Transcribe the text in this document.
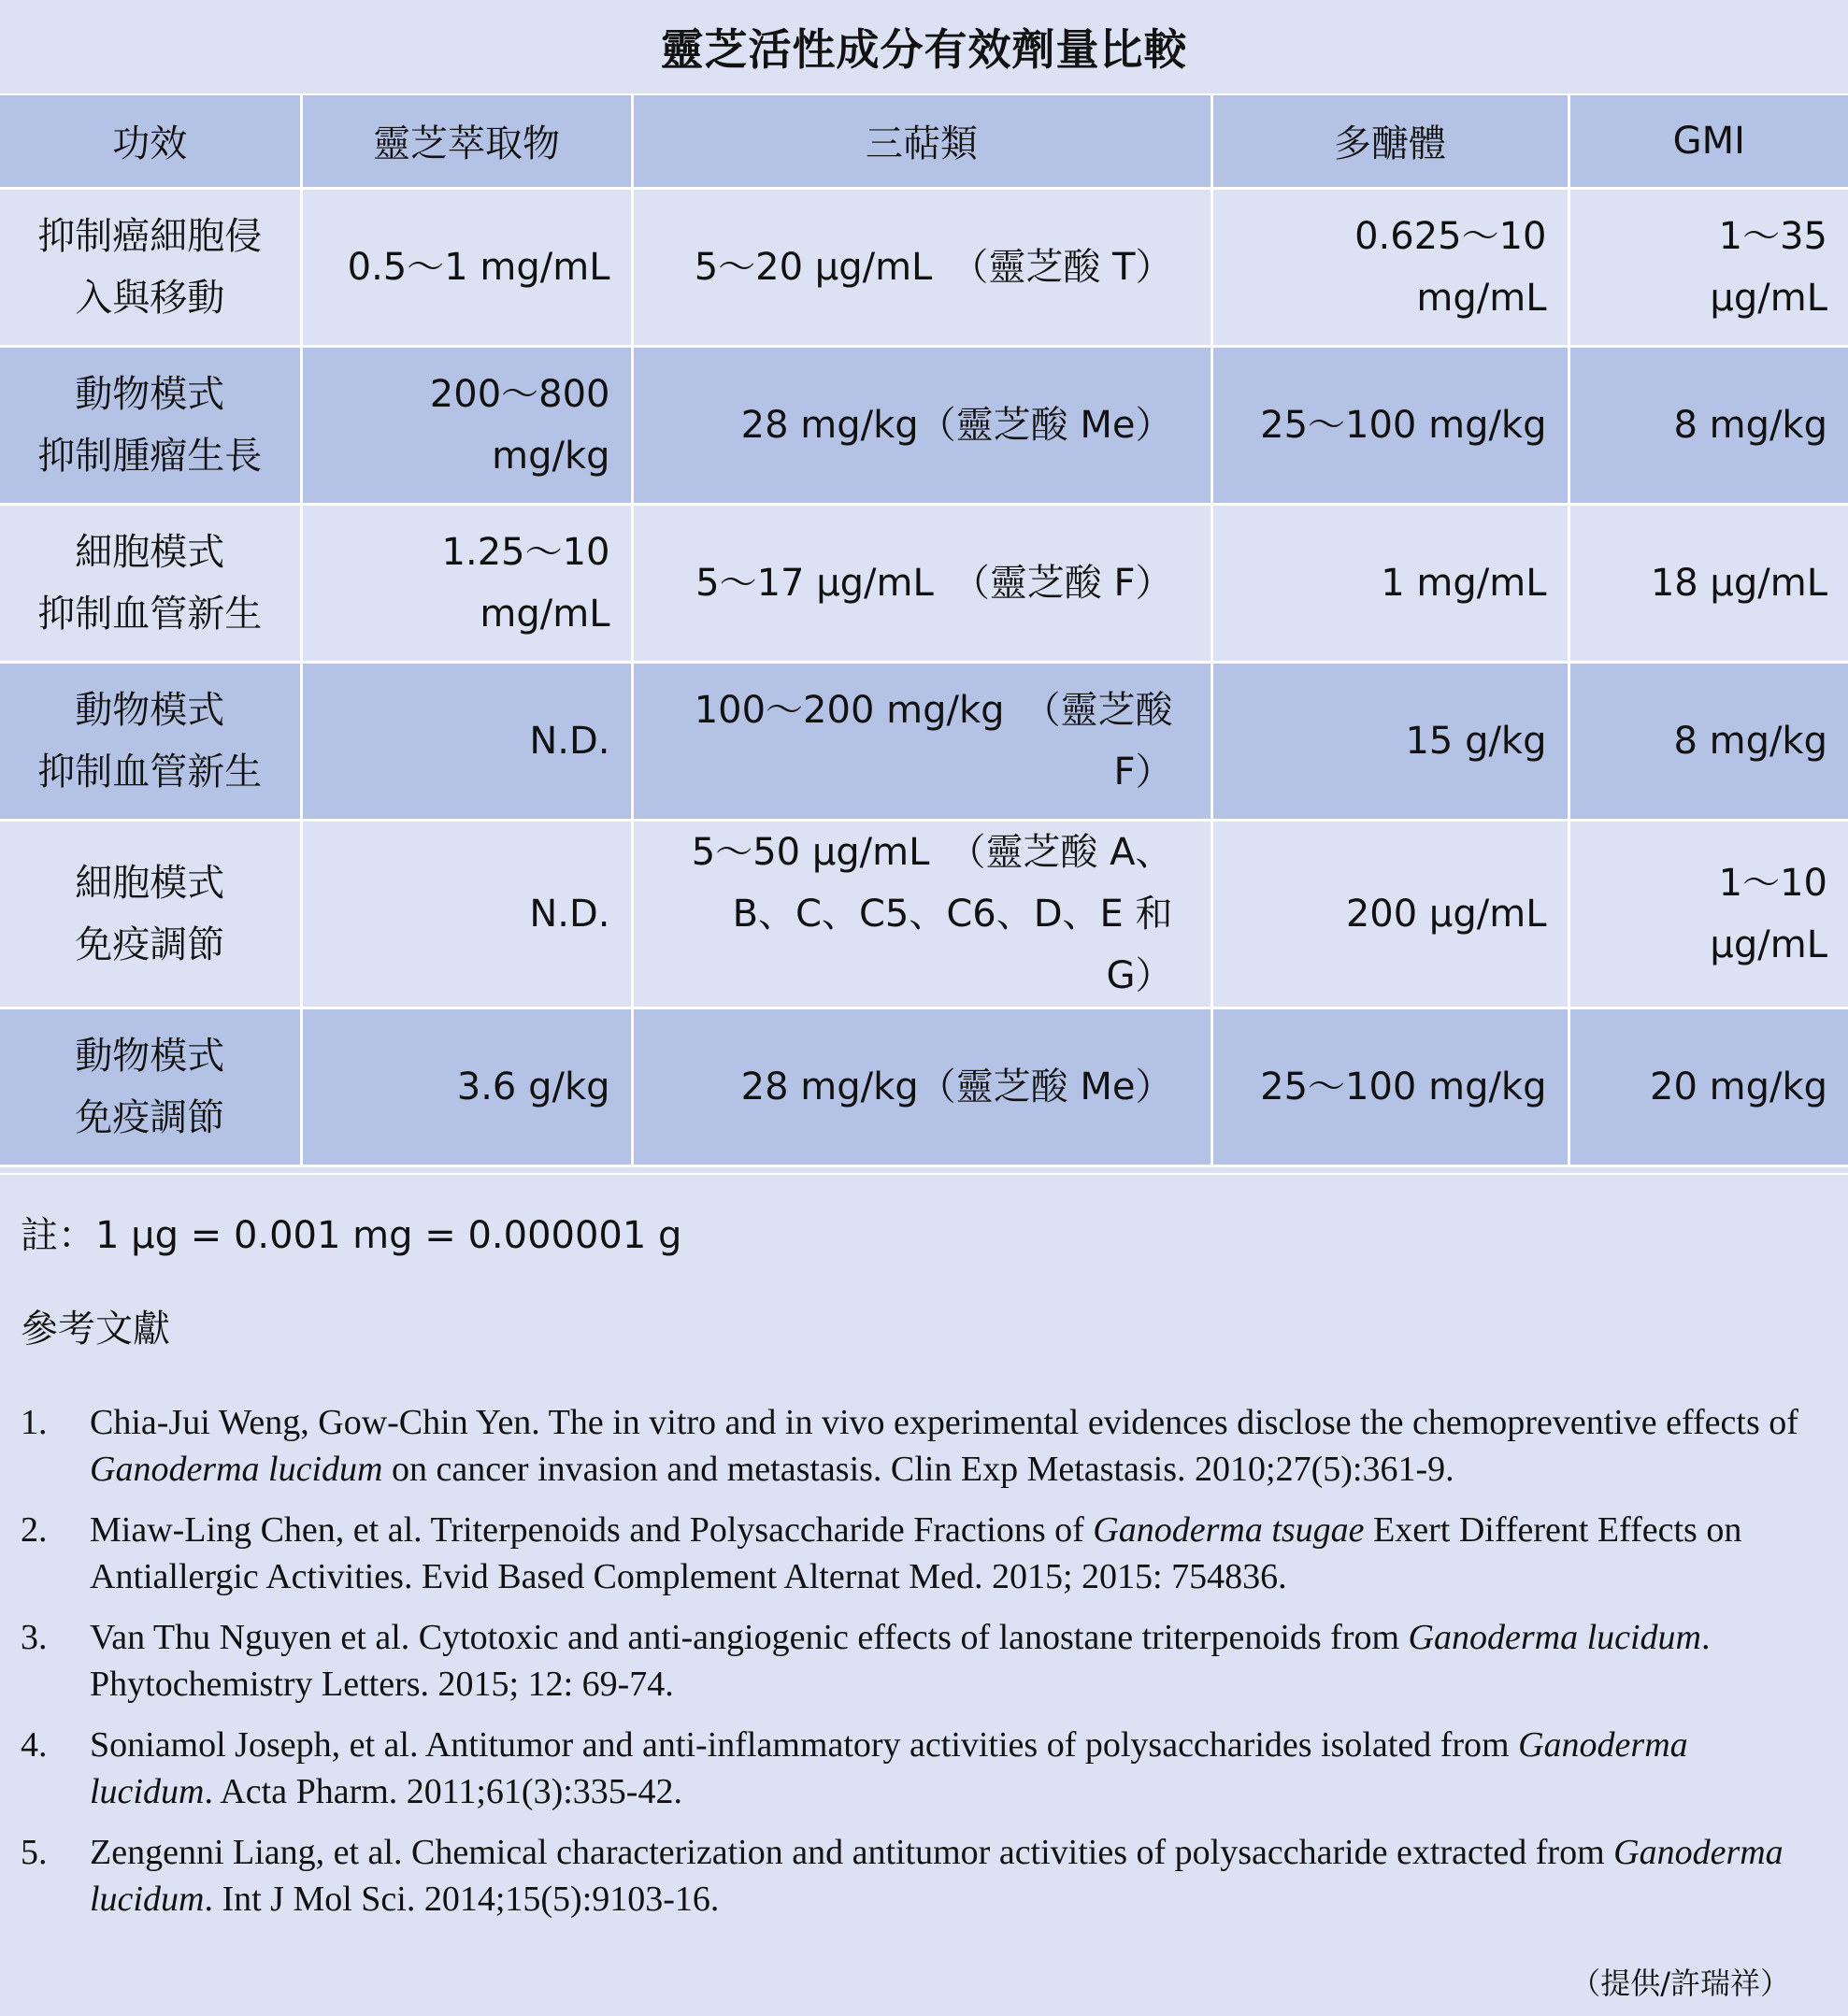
靈芝活性成分有效劑量比較
功效	靈芝萃取物	三萜類	多醣體	GMI

抑制癌細胞侵
入與移動	0.5～1 mg/mL	5～20 µg/mL　（靈芝酸 T）	0.625～10 mg/mL	1～35 µg/mL

動物模式
抑制腫瘤生長	200～800 mg/kg	28 mg/kg（靈芝酸 Me）	25～100 mg/kg	8 mg/kg

細胞模式
抑制血管新生	1.25～10 mg/mL	5～17 µg/mL　（靈芝酸 F）	1 mg/mL	18 µg/mL

動物模式
抑制血管新生	N.D.	100～200 mg/kg　（靈芝酸 F）	15 g/kg	8 mg/kg

細胞模式
免疫調節	N.D.	5～50 µg/mL　（靈芝酸 A、B、C、C5、C6、D、E 和　G）	200 µg/mL	1～10 µg/mL

動物模式
免疫調節	3.6 g/kg	28 mg/kg（靈芝酸 Me）	25～100 mg/kg	20 mg/kg
註：1 µg = 0.001 mg = 0.000001 g
參考文獻
1.	Chia-Jui Weng, Gow-Chin Yen. The in vitro and in vivo experimental evidences disclose the chemopreventive effects of Ganoderma lucidum on cancer invasion and metastasis. Clin Exp Metastasis. 2010;27(5):361-9.
2.	Miaw-Ling Chen, et al. Triterpenoids and Polysaccharide Fractions of Ganoderma tsugae Exert Different Effects on Antiallergic Activities. Evid Based Complement Alternat Med. 2015; 2015: 754836.
3.	Van Thu Nguyen et al. Cytotoxic and anti-angiogenic effects of lanostane triterpenoids from Ganoderma lucidum. Phytochemistry Letters. 2015; 12: 69-74.
4.	Soniamol Joseph, et al. Antitumor and anti-inflammatory activities of polysaccharides isolated from Ganoderma lucidum. Acta Pharm. 2011;61(3):335-42.
5.	Zengenni Liang, et al. Chemical characterization and antitumor activities of polysaccharide extracted from Ganoderma lucidum. Int J Mol Sci. 2014;15(5):9103-16.
（提供/許瑞祥）
